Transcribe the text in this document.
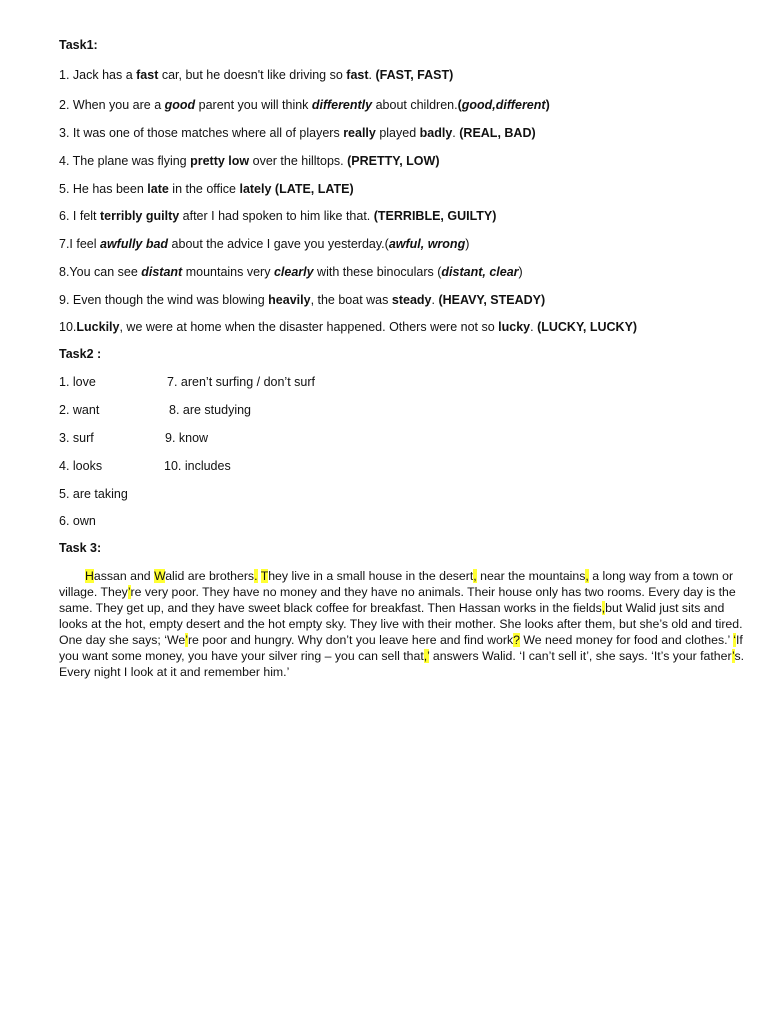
Task1:
1. Jack has a fast car, but he doesn't like driving so fast. (FAST, FAST)
2. When you are a good parent you will think differently about children.(good,different)
3. It was one of those matches where all of players really played badly. (REAL, BAD)
4. The plane was flying pretty low over the hilltops. (PRETTY, LOW)
5. He has been late in the office lately (LATE, LATE)
6. I felt terribly guilty after I had spoken to him like that. (TERRIBLE, GUILTY)
7.I feel awfully bad about the advice I gave you yesterday.(awful, wrong)
8.You can see distant mountains very clearly with these binoculars (distant, clear)
9. Even though the wind was blowing heavily, the boat was steady. (HEAVY, STEADY)
10.Luckily, we were at home when the disaster happened. Others were not so lucky. (LUCKY, LUCKY)
Task2 :
1. love
2. want
3. surf
4. looks
5. are taking
6. own
7. aren’t surfing / don’t surf
8. are studying
9. know
10. includes
Task 3:
Hassan and Walid are brothers. They live in a small house in the desert, near the mountains, a long way from a town or village. They’re very poor. They have no money and they have no animals. Their house only has two rooms. Every day is the same. They get up, and they have sweet black coffee for breakfast. Then Hassan works in the fields,but Walid just sits and looks at the hot, empty desert and the hot empty sky. They live with their mother. She looks after them, but she’s old and tired. One day she says; ‘We’re poor and hungry. Why don’t you leave here and find work? We need money for food and clothes.’ ‘If you want some money, you have your silver ring – you can sell that,’ answers Walid. ‘I can’t sell it’, she says. ‘It’s your father’s. Every night I look at it and remember him.’
